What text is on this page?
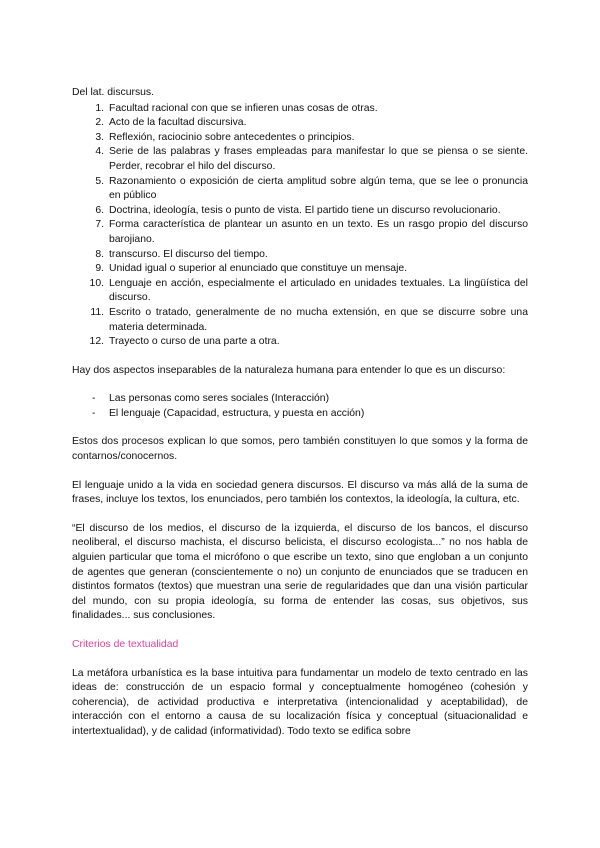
Del lat. discursus.

1. Facultad racional con que se infieren unas cosas de otras.
2. Acto de la facultad discursiva.
3. Reflexión, raciocinio sobre antecedentes o principios.
4. Serie de las palabras y frases empleadas para manifestar lo que se piensa o se siente. Perder, recobrar el hilo del discurso.
5. Razonamiento o exposición de cierta amplitud sobre algún tema, que se lee o pronuncia en público
6. Doctrina, ideología, tesis o punto de vista. El partido tiene un discurso revolucionario.
7. Forma característica de plantear un asunto en un texto. Es un rasgo propio del discurso barojiano.
8. transcurso. El discurso del tiempo.
9. Unidad igual o superior al enunciado que constituye un mensaje.
10. Lenguaje en acción, especialmente el articulado en unidades textuales. La lingüística del discurso.
11. Escrito o tratado, generalmente de no mucha extensión, en que se discurre sobre una materia determinada.
12. Trayecto o curso de una parte a otra.

Hay dos aspectos inseparables de la naturaleza humana para entender lo que es un discurso:

- Las personas como seres sociales (Interacción)
- El lenguaje (Capacidad, estructura, y puesta en acción)

Estos dos procesos explican lo que somos, pero también constituyen lo que somos y la forma de contarnos/conocernos.

El lenguaje unido a la vida en sociedad genera discursos. El discurso va más allá de la suma de frases, incluye los textos, los enunciados, pero también los contextos, la ideología, la cultura, etc.

“El discurso de los medios, el discurso de la izquierda, el discurso de los bancos, el discurso neoliberal, el discurso machista, el discurso belicista, el discurso ecologista...” no nos habla de alguien particular que toma el micrófono o que escribe un texto, sino que engloban a un conjunto de agentes que generan (conscientemente o no) un conjunto de enunciados que se traducen en distintos formatos (textos) que muestran una serie de regularidades que dan una visión particular del mundo, con su propia ideología, su forma de entender las cosas, sus objetivos, sus finalidades... sus conclusiones.

Criterios de textualidad

La metáfora urbanística es la base intuitiva para fundamentar un modelo de texto centrado en las ideas de: construcción de un espacio formal y conceptualmente homogéneo (cohesión y coherencia), de actividad productiva e interpretativa (intencionalidad y aceptabilidad), de interacción con el entorno a causa de su localización física y conceptual (situacionalidad e intertextualidad), y de calidad (informatividad). Todo texto se edifica sobre
